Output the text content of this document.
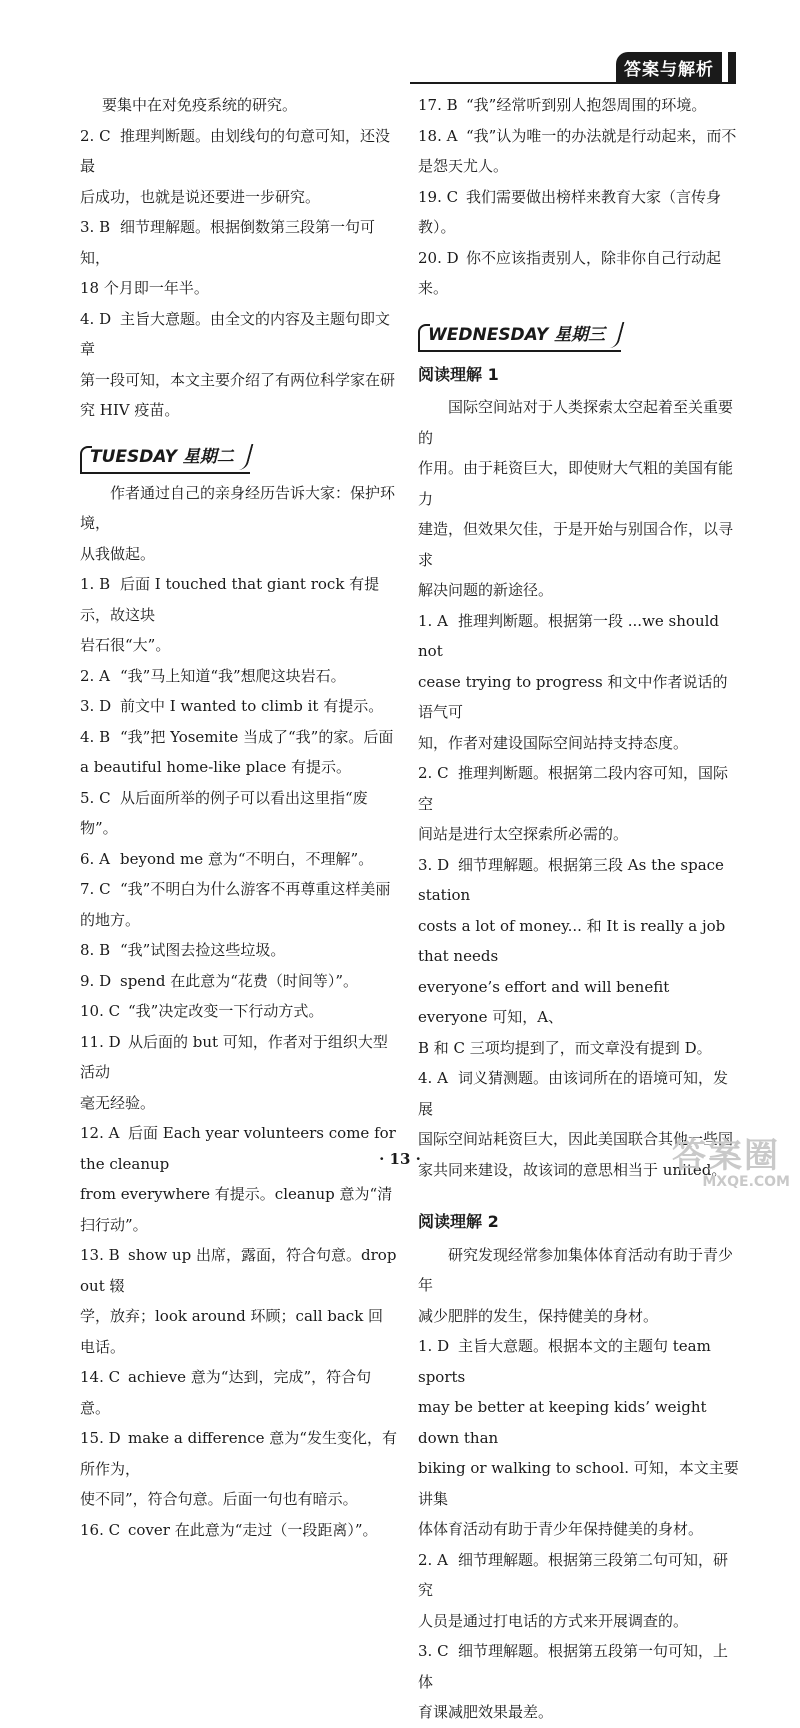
答案与解析
要集中在对免疫系统的研究。
2. C 推理判断题。由划线句的句意可知，还没最
后成功，也就是说还要进一步研究。
3. B 细节理解题。根据倒数第三段第一句可知，
18 个月即一年半。
4. D 主旨大意题。由全文的内容及主题句即文章
第一段可知，本文主要介绍了有两位科学家在研
究 HIV 疫苗。
TUESDAY 星期二
作者通过自己的亲身经历告诉大家：保护环境，
从我做起。
1. B 后面 I touched that giant rock 有提示，故这块
岩石很“大”。
2. A “我”马上知道“我”想爬这块岩石。
3. D 前文中 I wanted to climb it 有提示。
4. B “我”把 Yosemite 当成了“我”的家。后面
a beautiful home-like place 有提示。
5. C 从后面所举的例子可以看出这里指“废物”。
6. A beyond me 意为“不明白，不理解”。
7. C “我”不明白为什么游客不再尊重这样美丽
的地方。
8. B “我”试图去捡这些垃圾。
9. D spend 在此意为“花费（时间等）”。
10. C “我”决定改变一下行动方式。
11. D 从后面的 but 可知，作者对于组织大型活动
毫无经验。
12. A 后面 Each year volunteers come for the cleanup
from everywhere 有提示。cleanup 意为“清扫行动”。
13. B show up 出席，露面，符合句意。drop out 辍
学，放弃；look around 环顾；call back 回电话。
14. C achieve 意为“达到，完成”，符合句意。
15. D make a difference 意为“发生变化，有所作为，
使不同”，符合句意。后面一句也有暗示。
16. C cover 在此意为“走过（一段距离）”。
17. B “我”经常听到别人抱怨周围的环境。
18. A “我”认为唯一的办法就是行动起来，而不
是怨天尤人。
19. C 我们需要做出榜样来教育大家（言传身教）。
20. D 你不应该指责别人，除非你自己行动起来。
WEDNESDAY 星期三
阅读理解 1
国际空间站对于人类探索太空起着至关重要的
作用。由于耗资巨大，即使财大气粗的美国有能力
建造，但效果欠佳，于是开始与别国合作，以寻求
解决问题的新途径。
1. A 推理判断题。根据第一段 ...we should not
cease trying to progress 和文中作者说话的语气可
知，作者对建设国际空间站持支持态度。
2. C 推理判断题。根据第二段内容可知，国际空
间站是进行太空探索所必需的。
3. D 细节理解题。根据第三段 As the space station
costs a lot of money... 和 It is really a job that needs
everyone’s effort and will benefit everyone 可知，A、
B 和 C 三项均提到了，而文章没有提到 D。
4. A 词义猜测题。由该词所在的语境可知，发展
国际空间站耗资巨大，因此美国联合其他一些国
家共同来建设，故该词的意思相当于 united。
阅读理解 2
研究发现经常参加集体体育活动有助于青少年
减少肥胖的发生，保持健美的身材。
1. D 主旨大意题。根据本文的主题句 team sports
may be better at keeping kids’ weight down than
biking or walking to school. 可知，本文主要讲集
体体育活动有助于青少年保持健美的身材。
2. A 细节理解题。根据第三段第二句可知，研究
人员是通过打电话的方式来开展调查的。
3. C 细节理解题。根据第五段第一句可知，上体
育课减肥效果最差。
· 13 ·	答案圈
MXQE.COM
